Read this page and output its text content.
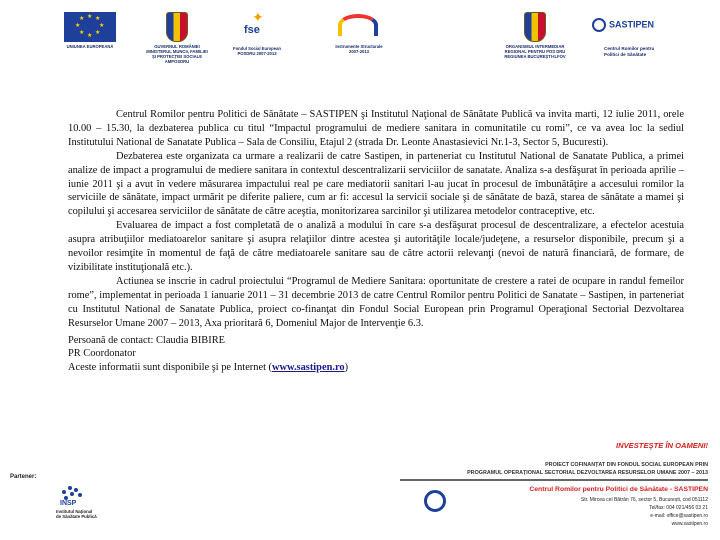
★ ★
★
★
★
★
★
★
UNIUNEA EUROPEANĂ	GUVERNUL ROMÂNIEI
MINISTERUL MUNCII, FAMILIEI
ȘI PROTECȚIEI SOCIALE
AMPOSDRU
✦
fse
Fondul Social European
POSDRU 2007-2013
Instrumente Structurale
2007-2013
ORGANISMUL INTERMEDIAR
REGIONAL PENTRU POS DRU
REGIUNEA BUCUREȘTI-ILFOV
SASTIPEN
Centrul Romilor pentru
Politici de Sănătate

Centrul Romilor pentru Politici de Sănătate – SASTIPEN şi Institutul Naţional de Sănătate Publică va invita marti, 12 iulie 2011, orele 10.00 – 15.30, la dezbaterea publica cu titul “Impactul programului de mediere sanitara in comunitatile cu romi”, ce va avea loc la sediul Institutului National de Sanatate Publica – Sala de Consiliu, Etajul 2 (strada Dr. Leonte Anastasievici Nr.1-3, Sector 5, Bucuresti).

Dezbaterea este organizata ca urmare a realizarii de catre Sastipen, in parteneriat cu Institutul National de Sanatate Publica, a primei analize de impact a programului de mediere sanitara in contextul descentralizarii serviciilor de sanatate. Analiza s-a desfăşurat în perioada aprilie – iunie 2011 şi a avut în vedere măsurarea impactului real pe care mediatorii sanitari l-au jucat în procesul de îmbunătăţire a accesului romilor la serviciile de sănătate, impact urmărit pe diferite paliere, cum ar fi: accesul la servicii sociale şi de sănătate de bază, starea de sănătate a mamei şi copilului şi accesarea serviciilor de sănătate de către aceştia, monitorizarea sarcinilor şi utilizarea metodelor contraceptive, etc.

Evaluarea de impact a fost completată de o analiză a modului în care s-a desfăşurat procesul de descentralizare, a efectelor acestuia asupra atribuţiilor mediatoarelor sanitare şi asupra relaţiilor dintre acestea şi autorităţile locale/judeţene, a resurselor disponibile, precum şi a nevoilor resimţite în momentul de faţă de către mediatoarele sanitare sau de către actorii relevanţi (nevoi de natură financiară, de formare, de vizibilitate instituţională etc.).

Actiunea se inscrie in cadrul proiectului “Programul de Mediere Sanitara: oportunitate de crestere a ratei de ocupare in randul femeilor rome”, implementat in perioada 1 ianuarie 2011 – 31 decembrie 2013 de catre Centrul Romilor pentru Politici de Sanatate – Sastipen, in parteneriat cu Institutul National de Sanatate Publica, proiect co-finanţat din Fondul Social European prin Programul Operaţional Sectorial Dezvoltarea Resurselor Umane 2007 – 2013, Axa prioritară 6, Domeniul Major de Intervenţie 6.3.

Persoană de contact: Claudia BIBIRE

PR Coordonator

Aceste informatii sunt disponibile şi pe Internet (www.sastipen.ro)

INVESTEŞTE ÎN OAMENI!
PROIECT COFINANȚAT DIN FONDUL SOCIAL EUROPEAN PRIN
PROGRAMUL OPERAȚIONAL SECTORIAL DEZVOLTAREA RESURSELOR UMANE 2007 – 2013
Partener:
INSP
Institutul Național
de Sănătate Publică
Centrul Romilor pentru Politici de Sănătate - SASTIPEN
Str. Mircea cel Bătrân 76, sector 5, București, cod 051112
Tel/fax: 004 021/456 03 21
e-mail: office@sastipen.ro
www.sastipen.ro
